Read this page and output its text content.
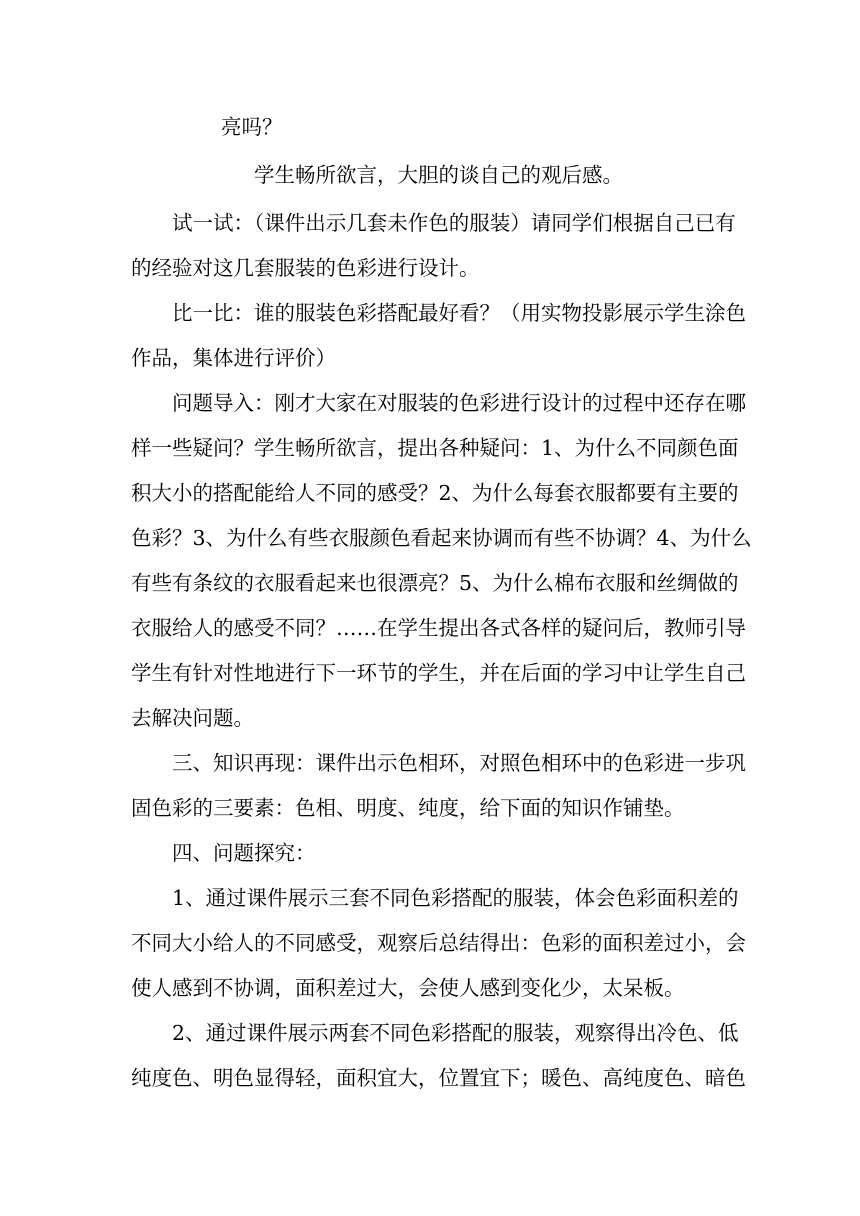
亮吗？
学生畅所欲言，大胆的谈自己的观后感。
试一试：（课件出示几套未作色的服装）请同学们根据自己已有
的经验对这几套服装的色彩进行设计。
比一比：谁的服装色彩搭配最好看？（用实物投影展示学生涂色
作品，集体进行评价）
问题导入：刚才大家在对服装的色彩进行设计的过程中还存在哪
样一些疑问？学生畅所欲言，提出各种疑问：1、为什么不同颜色面
积大小的搭配能给人不同的感受？2、为什么每套衣服都要有主要的
色彩？3、为什么有些衣服颜色看起来协调而有些不协调？4、为什么
有些有条纹的衣服看起来也很漂亮？5、为什么棉布衣服和丝绸做的
衣服给人的感受不同？……在学生提出各式各样的疑问后，教师引导
学生有针对性地进行下一环节的学生，并在后面的学习中让学生自己
去解决问题。
三、知识再现：课件出示色相环，对照色相环中的色彩进一步巩
固色彩的三要素：色相、明度、纯度，给下面的知识作铺垫。
四、问题探究：
1、通过课件展示三套不同色彩搭配的服装，体会色彩面积差的
不同大小给人的不同感受，观察后总结得出：色彩的面积差过小，会
使人感到不协调，面积差过大，会使人感到变化少，太呆板。
2、通过课件展示两套不同色彩搭配的服装，观察得出冷色、低
纯度色、明色显得轻，面积宜大，位置宜下；暖色、高纯度色、暗色
